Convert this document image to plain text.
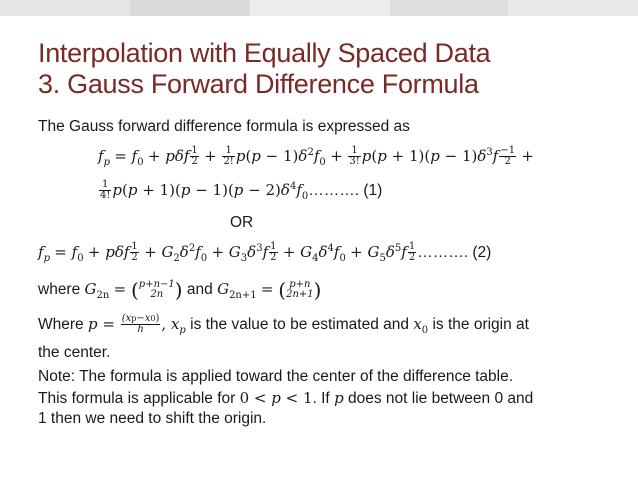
Interpolation with Equally Spaced Data
3. Gauss Forward Difference Formula
The Gauss forward difference formula is expressed as
$f_p = f_0 + p\delta f \frac{1}{2} + \frac{1}{2!} p(p - 1)\delta^2f_0 + \frac{1}{3!} p(p + 1)(p - 1)\delta^3f \frac{-1}{2}$ +
$\frac{1}{4!} p(p + 1)(p - 1)(p$ − $2)\delta^4f_0\dots\dots\dots$. (1)
OR
$f_p = f_0 + p\delta f \frac{1}{2} + G_2\delta^2f_0 + G_3\delta^3f \frac{1}{2} + G_4\delta^4f_0 + G_5\delta^5f \frac{1}{2}$ ………. (2)
where $G_{2n}$ = ( p+n−1
2n ) and $G_{2n+1}$ = ( p+n
2n+1 )
Where $p = \frac{(xp-x0)}{h}$ , $x_p$ is the value to be estimated and $x_0$ is the origin at
the center.
Note: The formula is applied toward the center of the difference table.
This formula is applicable for 0 < p < 1. If p does not lie between 0 and
1 then we need to shift the origin.
